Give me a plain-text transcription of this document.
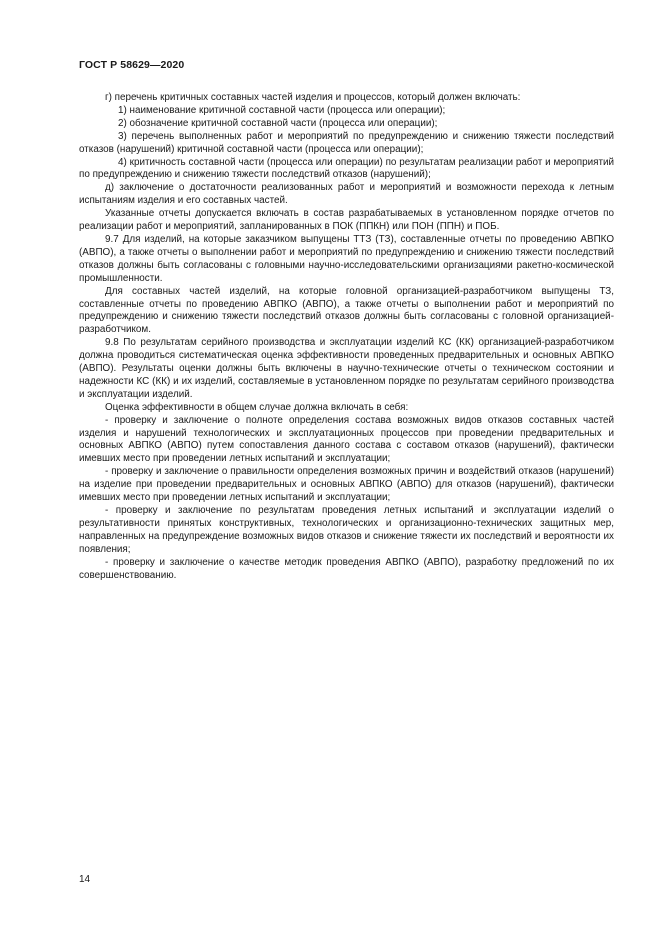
ГОСТ Р 58629—2020

г) перечень критичных составных частей изделия и процессов, который должен включать:

1) наименование критичной составной части (процесса или операции);

2) обозначение критичной составной части (процесса или операции);

3) перечень выполненных работ и мероприятий по предупреждению и снижению тяжести последствий отказов (нарушений) критичной составной части (процесса или операции);

4) критичность составной части (процесса или операции) по результатам реализации работ и мероприятий по предупреждению и снижению тяжести последствий отказов (нарушений);

д) заключение о достаточности реализованных работ и мероприятий и возможности перехода к летным испытаниям изделия и его составных частей.

Указанные отчеты допускается включать в состав разрабатываемых в установленном порядке отчетов по реализации работ и мероприятий, запланированных в ПОК (ППКН) или ПОН (ППН) и ПОБ.

9.7 Для изделий, на которые заказчиком выпущены ТТЗ (ТЗ), составленные отчеты по проведению АВПКО (АВПО), а также отчеты о выполнении работ и мероприятий по предупреждению и снижению тяжести последствий отказов должны быть согласованы с головными научно-исследовательскими организациями ракетно-космической промышленности.

Для составных частей изделий, на которые головной организацией-разработчиком выпущены ТЗ, составленные отчеты по проведению АВПКО (АВПО), а также отчеты о выполнении работ и мероприятий по предупреждению и снижению тяжести последствий отказов должны быть согласованы с головной организацией-разработчиком.

9.8 По результатам серийного производства и эксплуатации изделий КС (КК) организацией-разработчиком должна проводиться систематическая оценка эффективности проведенных предварительных и основных АВПКО (АВПО). Результаты оценки должны быть включены в научно-технические отчеты о техническом состоянии и надежности КС (КК) и их изделий, составляемые в установленном порядке по результатам серийного производства и эксплуатации изделий.

Оценка эффективности в общем случае должна включать в себя:

- проверку и заключение о полноте определения состава возможных видов отказов составных частей изделия и нарушений технологических и эксплуатационных процессов при проведении предварительных и основных АВПКО (АВПО) путем сопоставления данного состава с составом отказов (нарушений), фактически имевших место при проведении летных испытаний и эксплуатации;

- проверку и заключение о правильности определения возможных причин и воздействий отказов (нарушений) на изделие при проведении предварительных и основных АВПКО (АВПО) для отказов (нарушений), фактически имевших место при проведении летных испытаний и эксплуатации;

- проверку и заключение по результатам проведения летных испытаний и эксплуатации изделий о результативности принятых конструктивных, технологических и организационно-технических защитных мер, направленных на предупреждение возможных видов отказов и снижение тяжести их последствий и вероятности их появления;

- проверку и заключение о качестве методик проведения АВПКО (АВПО), разработку предложений по их совершенствованию.

14
